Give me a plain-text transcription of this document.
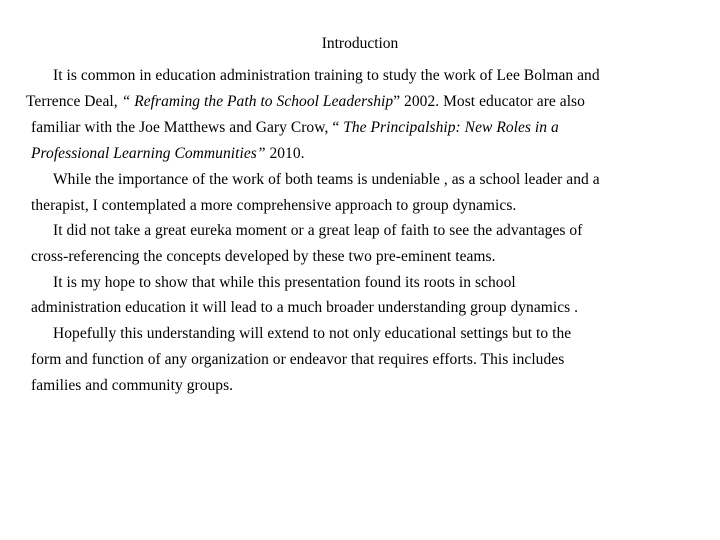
Introduction
It is common in education administration training to study the work of Lee Bolman and
Terrence Deal, “ Reframing the Path to School Leadership” 2002. Most educator are also
familiar with the Joe Matthews and Gary Crow, “ The Principalship: New Roles in a
Professional Learning Communities” 2010.
While the importance of the work of both teams is undeniable , as a school leader and a
therapist, I contemplated a more comprehensive approach to group dynamics.
It did not take a great eureka moment or a great leap of faith to see the advantages of
cross-referencing the concepts developed by these two pre-eminent teams.
It is my hope to show that while this presentation found its roots in school
administration education it will lead to a much broader understanding group dynamics .
Hopefully this understanding will extend to not only educational settings but to the
form and function of any organization or endeavor that requires efforts. This includes
families and community groups.
